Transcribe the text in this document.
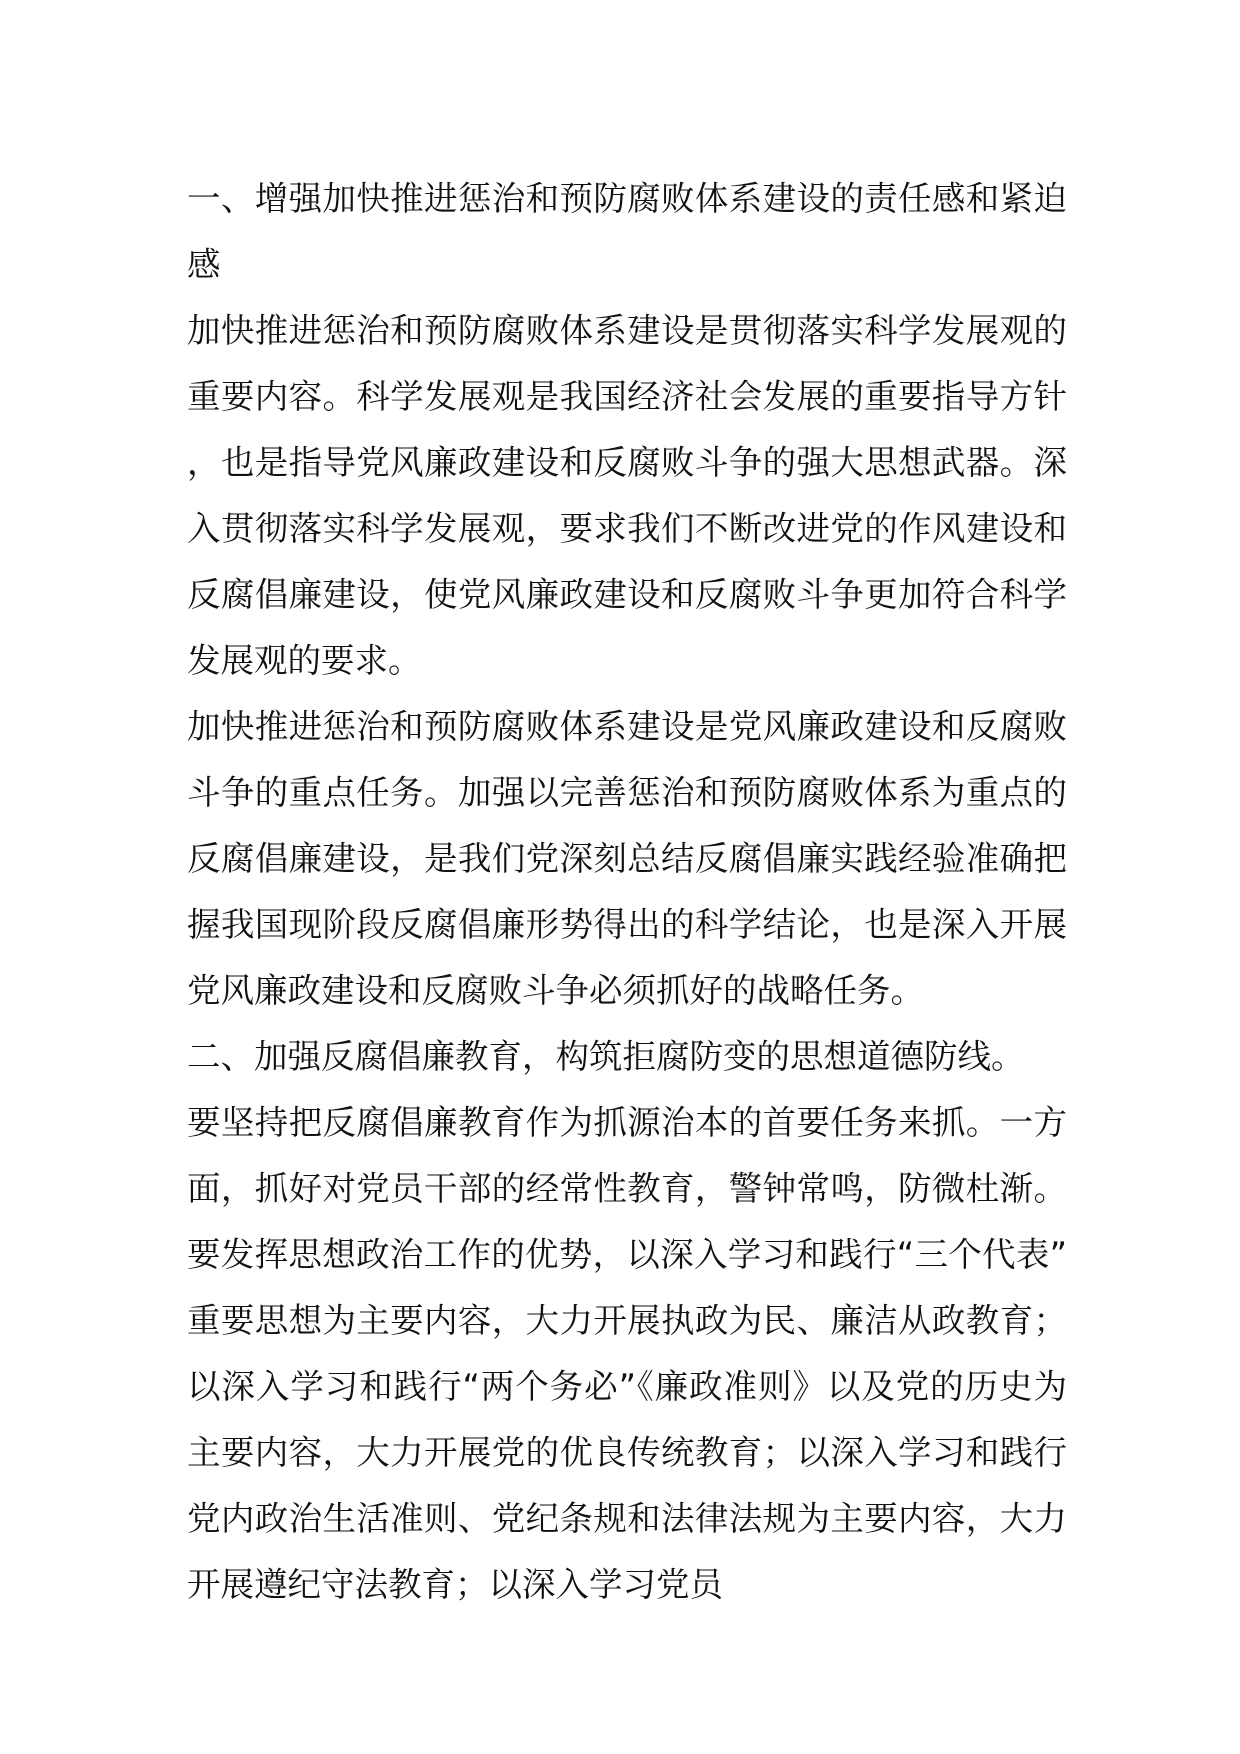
一、增强加快推进惩治和预防腐败体系建设的责任感和紧迫感

加快推进惩治和预防腐败体系建设是贯彻落实科学发展观的重要内容。科学发展观是我国经济社会发展的重要指导方针，也是指导党风廉政建设和反腐败斗争的强大思想武器。深入贯彻落实科学发展观，要求我们不断改进党的作风建设和反腐倡廉建设，使党风廉政建设和反腐败斗争更加符合科学发展观的要求。

加快推进惩治和预防腐败体系建设是党风廉政建设和反腐败斗争的重点任务。加强以完善惩治和预防腐败体系为重点的反腐倡廉建设，是我们党深刻总结反腐倡廉实践经验准确把握我国现阶段反腐倡廉形势得出的科学结论，也是深入开展党风廉政建设和反腐败斗争必须抓好的战略任务。

二、加强反腐倡廉教育，构筑拒腐防变的思想道德防线。

要坚持把反腐倡廉教育作为抓源治本的首要任务来抓。一方面，抓好对党员干部的经常性教育，警钟常鸣，防微杜渐。要发挥思想政治工作的优势，以深入学习和践行“三个代表”重要思想为主要内容，大力开展执政为民、廉洁从政教育；以深入学习和践行“两个务必”《廉政准则》以及党的历史为主要内容，大力开展党的优良传统教育；以深入学习和践行党内政治生活准则、党纪条规和法律法规为主要内容，大力开展遵纪守法教育；以深入学习党员
